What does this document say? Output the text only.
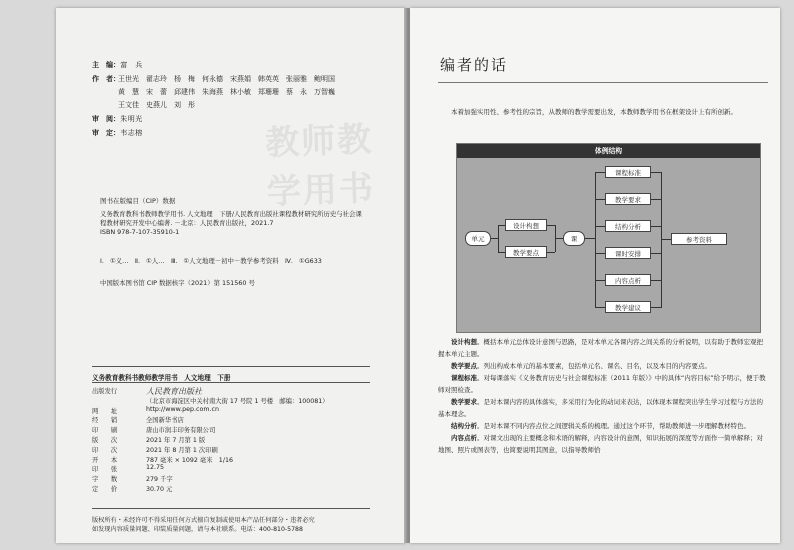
主　编： 富　兵
作　者：
王世光 翟志玲 杨　梅 何永德 宋燕娟 韩英英 张丽雅 鲍明国
黄　慧 宋　蕾 邱建伟 朱海燕 林小敏 郑珊珊 蔡　永 万智巍
王文佳 史燕儿 刘　彤
审　阅： 朱明光
审　定： 韦志榕	教师教学用书
图书在版编目（CIP）数据

义务教育教科书教师教学用书. 人文地理　下册/人民教育出版社课程教材研究所历史与社会课

程教材研究开发中心编著. －北京：人民教育出版社，2021.7

ISBN 978-7-107-35910-1

Ⅰ. ①义…　Ⅱ. ①人…　Ⅲ. ①人文地理－初中－教学参考资料　Ⅳ. ①G633
中国版本图书馆 CIP 数据核字（2021）第 151560 号
义务教育教科书教师教学用书　人文地理　下册
出版发行	人民教育出版社
（北京市海淀区中关村南大街 17 号院 1 号楼　邮编：100081）
网　　址	http://www.pep.com.cn
经　　销	全国新华书店
印　　刷	唐山市润丰印务有限公司
版　　次	2021 年 7 月第 1 版
印　　次	2021 年 8 月第 1 次印刷
开　　本	787 毫米 × 1092 毫米　1/16
印　　张	12.75
字　　数	279 千字
定　　价	30.70 元

版权所有・未经许可不得采用任何方式擅自复制或使用本产品任何部分・违者必究

如发现内容质量问题、印装质量问题，请与本社联系。电话：400-810-5788

编者的话
本着加强实用性、参考性的宗旨，从教师的教学需要出发，本教师教学用书在框架设计上有所创新。
体例结构
单元
设计构想
教学要点
课
课程标准
教学要求
结构分析
课时安排
内容点析
教学建议
参考资料

设计构想。概括本单元总体设计意图与思路，是对本单元各课内容之间关系的分析说明，以有助于教师宏观把握本单元主题。

教学要点。列出构成本单元的基本要素，包括单元名、课名、目名，以及本目的内容要点。

课程标准。对每课落实《义务教育历史与社会课程标准（2011 年版）》中的具体“内容目标”给予明示，便于教师对照检查。

教学要求。是对本课内容的具体落实，多采用行为化的动词来表达，以体现本课程突出学生学习过程与方法的基本理念。

结构分析。是对本课不同内容点位之间逻辑关系的梳理。通过这个环节，帮助教师进一步理解教材特色。

内容点析。对课文出现的主要概念和术语的解释，内容设计的意图，知识拓展的深度等方面作一简单解释；对地图、照片或图表等，也简要说明其图意，以指导教师恰
